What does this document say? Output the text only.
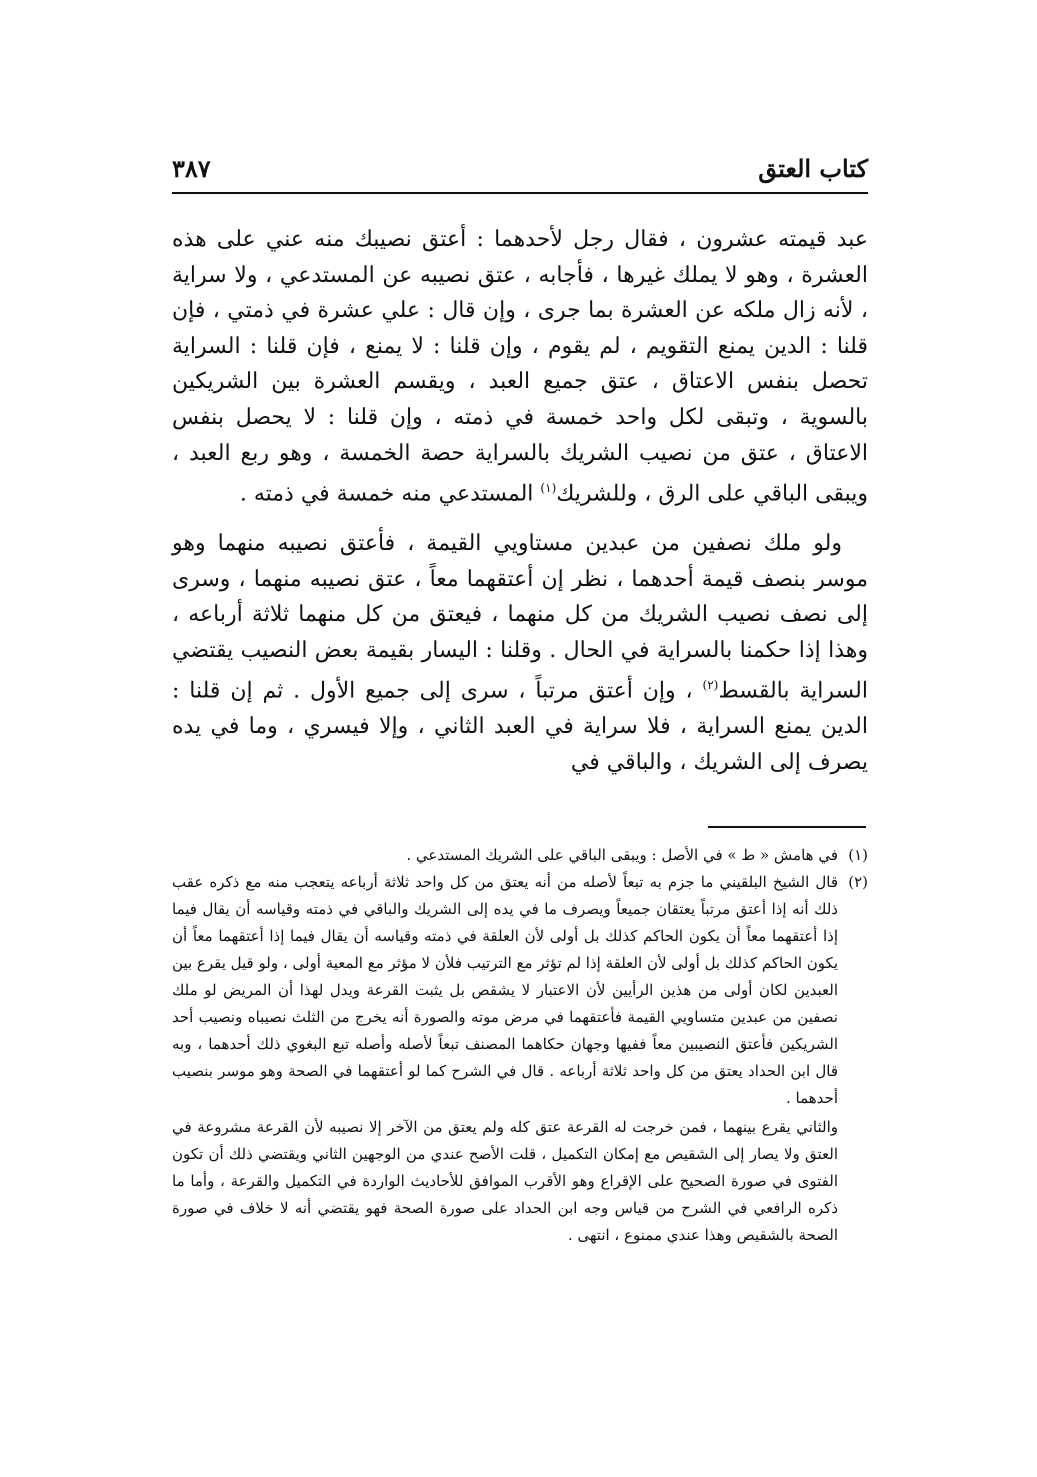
كتاب العتق
٣٨٧

عبد قيمته عشرون ، فقال رجل لأحدهما : أعتق نصيبك منه عني على هذه العشرة ، وهو لا يملك غيرها ، فأجابه ، عتق نصيبه عن المستدعي ، ولا سراية ، لأنه زال ملكه عن العشرة بما جرى ، وإن قال : علي عشرة في ذمتي ، فإن قلنا : الدين يمنع التقويم ، لم يقوم ، وإن قلنا : لا يمنع ، فإن قلنا : السراية تحصل بنفس الاعتاق ، عتق جميع العبد ، ويقسم العشرة بين الشريكين بالسوية ، وتبقى لكل واحد خمسة في ذمته ، وإن قلنا : لا يحصل بنفس الاعتاق ، عتق من نصيب الشريك بالسراية حصة الخمسة ، وهو ربع العبد ، ويبقى الباقي على الرق ، وللشريك$^{(١)}$ المستدعي منه خمسة في ذمته .

ولو ملك نصفين من عبدين مستاويي القيمة ، فأعتق نصيبه منهما وهو موسر بنصف قيمة أحدهما ، نظر إن أعتقهما معاً ، عتق نصيبه منهما ، وسرى إلى نصف نصيب الشريك من كل منهما ، فيعتق من كل منهما ثلاثة أرباعه ، وهذا إذا حكمنا بالسراية في الحال . وقلنا : اليسار بقيمة بعض النصيب يقتضي السراية بالقسط$^{(٢)}$ ، وإن أعتق مرتباً ، سرى إلى جميع الأول . ثم إن قلنا : الدين يمنع السراية ، فلا سراية في العبد الثاني ، وإلا فيسري ، وما في يده يصرف إلى الشريك ، والباقي في

(١)
في هامش « ط » في الأصل : ويبقى الباقي على الشريك المستدعي .
(٢)
قال الشيخ البلقيني ما جزم به تبعاً لأصله من أنه يعتق من كل واحد ثلاثة أرباعه يتعجب منه مع ذكره عقب ذلك أنه إذا أعتق مرتباً يعتقان جميعاً ويصرف ما في يده إلى الشريك والباقي في ذمته وقياسه أن يقال فيما إذا أعتقهما معاً أن يكون الحاكم كذلك بل أولى لأن العلقة في ذمته وقياسه أن يقال فيما إذا أعتقهما معاً أن يكون الحاكم كذلك بل أولى لأن العلقة إذا لم تؤثر مع الترتيب فلأن لا مؤثر مع المعية أولى ، ولو قيل يقرع بين العبدين لكان أولى من هذين الرأيين لأن الاعتبار لا يشقص بل يثبت القرعة ويدل لهذا أن المريض لو ملك نصفين من عبدين متساويي القيمة فأعتقهما في مرض موته والصورة أنه يخرج من الثلث نصيباه ونصيب أحد الشريكين فأعتق النصيبين معاً ففيها وجهان حكاهما المصنف تبعاً لأصله وأصله تبع البغوي ذلك أحدهما ، وبه قال ابن الحداد يعتق من كل واحد ثلاثة أرباعه . قال في الشرح كما لو أعتقهما في الصحة وهو موسر بنصيب أحدهما .
والثاني يقرع بينهما ، فمن خرجت له القرعة عتق كله ولم يعتق من الآخر إلا نصيبه لأن القرعة مشروعة في العتق ولا يصار إلى الشقيص مع إمكان التكميل ، قلت الأصح عندي من الوجهين الثاني ويقتضي ذلك أن تكون الفتوى في صورة الصحيح على الإقراع وهو الأقرب الموافق للأحاديث الواردة في التكميل والقرعة ، وأما ما ذكره الرافعي في الشرح من قياس وجه ابن الحداد على صورة الصحة فهو يقتضي أنه لا خلاف في صورة الصحة بالشقيص وهذا عندي ممنوع ، انتهى .
